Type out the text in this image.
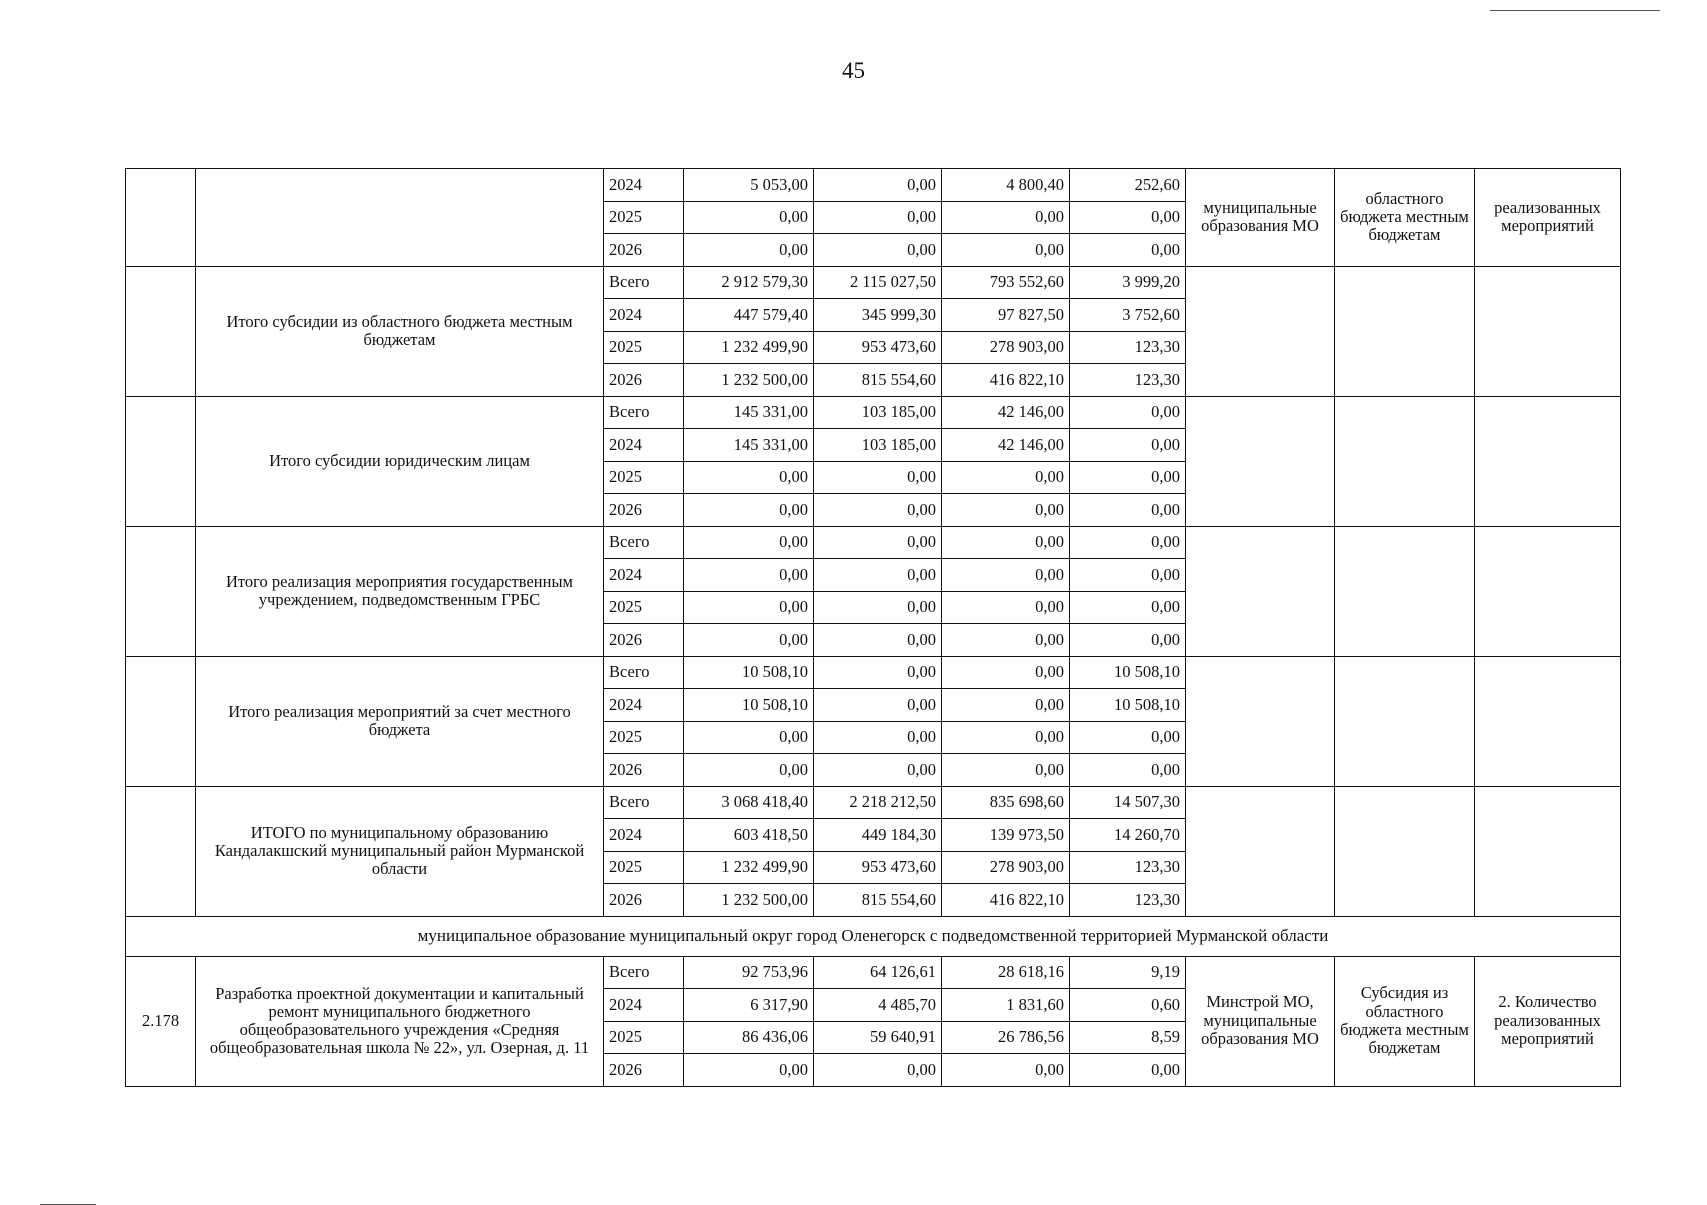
45
		2024	5 053,00	0,00	4 800,40	252,60	муниципальные образования МО	областного бюджета местным бюджетам	реализованных мероприятий
		2025	0,00	0,00	0,00	0,00			
		2026	0,00	0,00	0,00	0,00			
	Итого субсидии из областного бюджета местным бюджетам	Всего	2 912 579,30	2 115 027,50	793 552,60	3 999,20			
		2024	447 579,40	345 999,30	97 827,50	3 752,60			
		2025	1 232 499,90	953 473,60	278 903,00	123,30			
		2026	1 232 500,00	815 554,60	416 822,10	123,30			
	Итого субсидии юридическим лицам	Всего	145 331,00	103 185,00	42 146,00	0,00			
		2024	145 331,00	103 185,00	42 146,00	0,00			
		2025	0,00	0,00	0,00	0,00			
		2026	0,00	0,00	0,00	0,00			
	Итого реализация мероприятия государственным учреждением, подведомственным ГРБС	Всего	0,00	0,00	0,00	0,00			
		2024	0,00	0,00	0,00	0,00			
		2025	0,00	0,00	0,00	0,00			
		2026	0,00	0,00	0,00	0,00			
	Итого реализация мероприятий за счет местного бюджета	Всего	10 508,10	0,00	0,00	10 508,10			
		2024	10 508,10	0,00	0,00	10 508,10			
		2025	0,00	0,00	0,00	0,00			
		2026	0,00	0,00	0,00	0,00			
	ИТОГО по муниципальному образованию Кандалакшский муниципальный район Мурманской области	Всего	3 068 418,40	2 218 212,50	835 698,60	14 507,30			
		2024	603 418,50	449 184,30	139 973,50	14 260,70			
		2025	1 232 499,90	953 473,60	278 903,00	123,30			
		2026	1 232 500,00	815 554,60	416 822,10	123,30			
муниципальное образование муниципальный округ город Оленегорск с подведомственной территорией Мурманской области									
2.178	Разработка проектной документации и капитальный ремонт муниципального бюджетного общеобразовательного учреждения «Средняя общеобразовательная школа № 22», ул. Озерная, д. 11	Всего	92 753,96	64 126,61	28 618,16	9,19	Минстрой МО, муниципальные образования МО	Субсидия из областного бюджета местным бюджетам	2. Количество реализованных мероприятий
		2024	6 317,90	4 485,70	1 831,60	0,60			
		2025	86 436,06	59 640,91	26 786,56	8,59			
		2026	0,00	0,00	0,00	0,00			
